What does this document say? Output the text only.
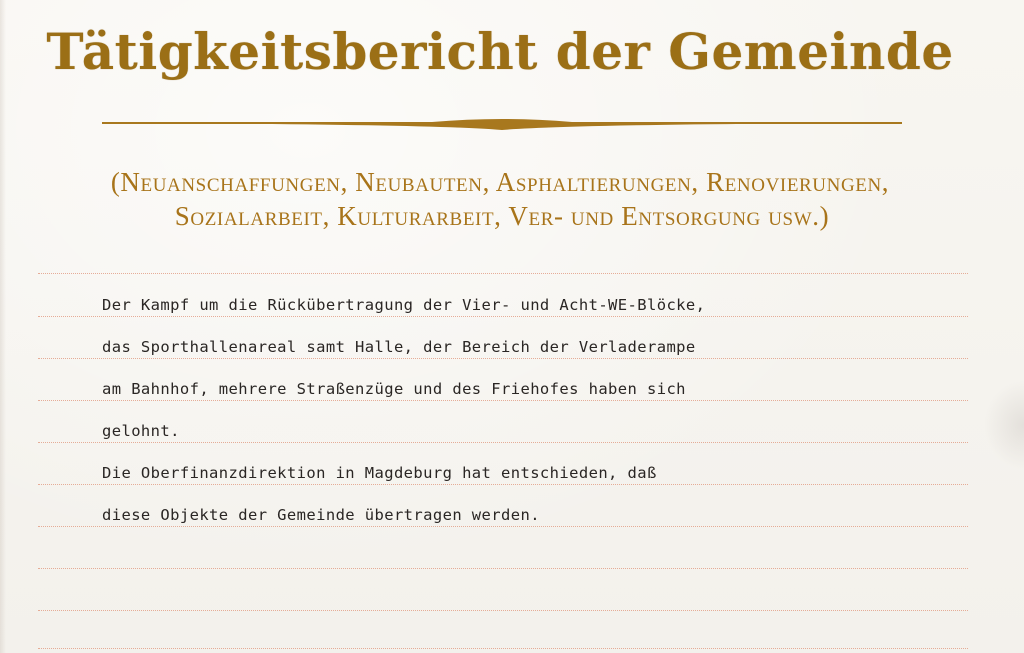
Tätigkeitsbericht der Gemeinde
(Neuanschaffungen, Neubauten, Asphaltierungen, Renovierungen,
Sozialarbeit, Kulturarbeit, Ver- und Entsorgung usw.)
Der Kampf um die Rückübertragung der Vier- und Acht-WE-Blöcke,
das Sporthallenareal samt Halle, der Bereich der Verladerampe
am Bahnhof, mehrere Straßenzüge und des Friehofes haben sich
gelohnt.
Die Oberfinanzdirektion in Magdeburg hat entschieden, daß
diese Objekte der Gemeinde übertragen werden.
